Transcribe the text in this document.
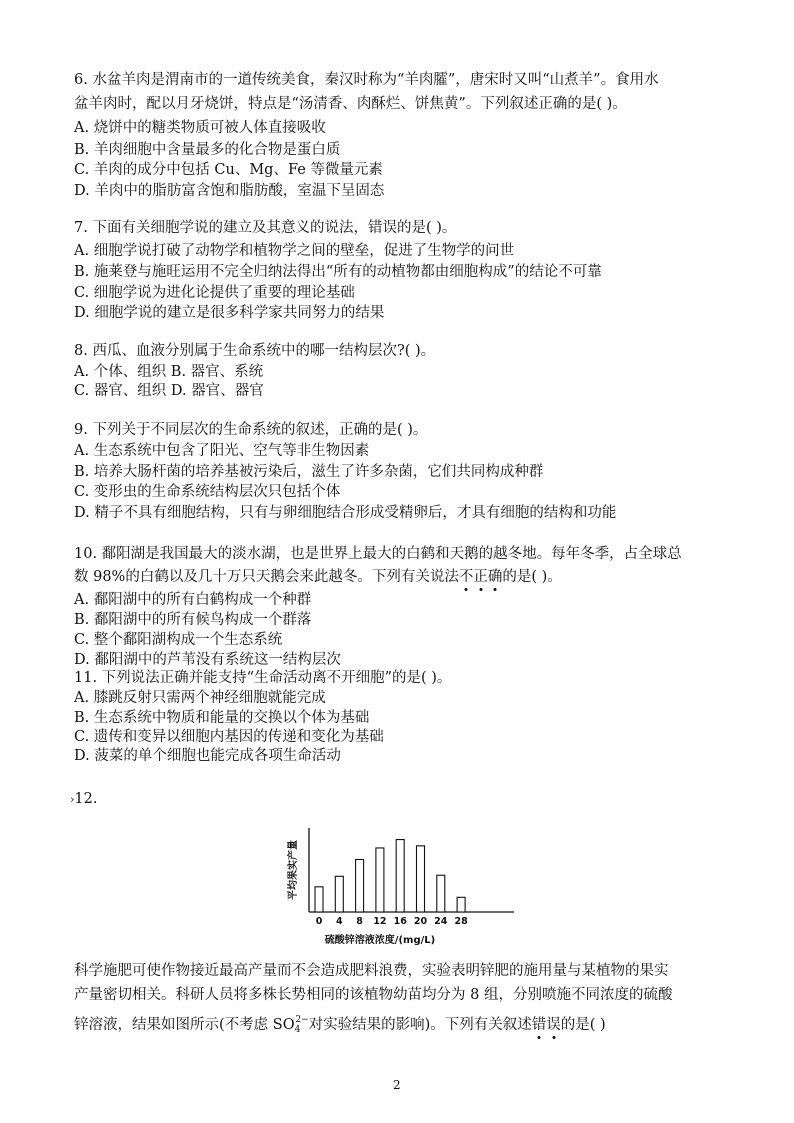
6. 水盆羊肉是渭南市的一道传统美食，秦汉时称为“羊肉臛”，唐宋时又叫“山煮羊”。食用水
盆羊肉时，配以月牙烧饼，特点是“汤清香、肉酥烂、饼焦黄”。下列叙述正确的是( )。
A. 烧饼中的糖类物质可被人体直接吸收
B. 羊肉细胞中含量最多的化合物是蛋白质
C. 羊肉的成分中包括 Cu、Mg、Fe 等微量元素
D. 羊肉中的脂肪富含饱和脂肪酸，室温下呈固态
7. 下面有关细胞学说的建立及其意义的说法，错误的是( )。
A. 细胞学说打破了动物学和植物学之间的壁垒，促进了生物学的问世
B. 施莱登与施旺运用不完全归纳法得出“所有的动植物都由细胞构成”的结论不可靠
C. 细胞学说为进化论提供了重要的理论基础
D. 细胞学说的建立是很多科学家共同努力的结果
8. 西瓜、血液分别属于生命系统中的哪一结构层次?( )。
A. 个体、组织 B. 器官、系统
C. 器官、组织 D. 器官、器官
9. 下列关于不同层次的生命系统的叙述，正确的是( )。
A. 生态系统中包含了阳光、空气等非生物因素
B. 培养大肠杆菌的培养基被污染后，滋生了许多杂菌，它们共同构成种群
C. 变形虫的生命系统结构层次只包括个体
D. 精子不具有细胞结构，只有与卵细胞结合形成受精卵后，才具有细胞的结构和功能
10. 鄱阳湖是我国最大的淡水湖，也是世界上最大的白鹤和天鹅的越冬地。每年冬季，占全球总
数 98%的白鹤以及几十万只天鹅会来此越冬。下列有关说法不正确的是( )。
A. 鄱阳湖中的所有白鹤构成一个种群
B. 鄱阳湖中的所有候鸟构成一个群落
C. 整个鄱阳湖构成一个生态系统
D. 鄱阳湖中的芦苇没有系统这一结构层次
11. 下列说法正确并能支持“生命活动离不开细胞”的是( )。
A. 膝跳反射只需两个神经细胞就能完成
B. 生态系统中物质和能量的交换以个体为基础
C. 遗传和变异以细胞内基因的传递和变化为基础
D. 菠菜的单个细胞也能完成各项生命活动
›12.
0 4 8 12 16 20 24 28
平均果实产量
硫酸锌溶液浓度/(mg/L)
科学施肥可使作物接近最高产量而不会造成肥料浪费，实验表明锌肥的施用量与某植物的果实
产量密切相关。科研人员将多株长势相同的该植物幼苗均分为 8 组，分别喷施不同浓度的硫酸
锌溶液，结果如图所示(不考虑 $SO_4^{2-}$对实验结果的影响)。下列有关叙述错误的是( )
2
